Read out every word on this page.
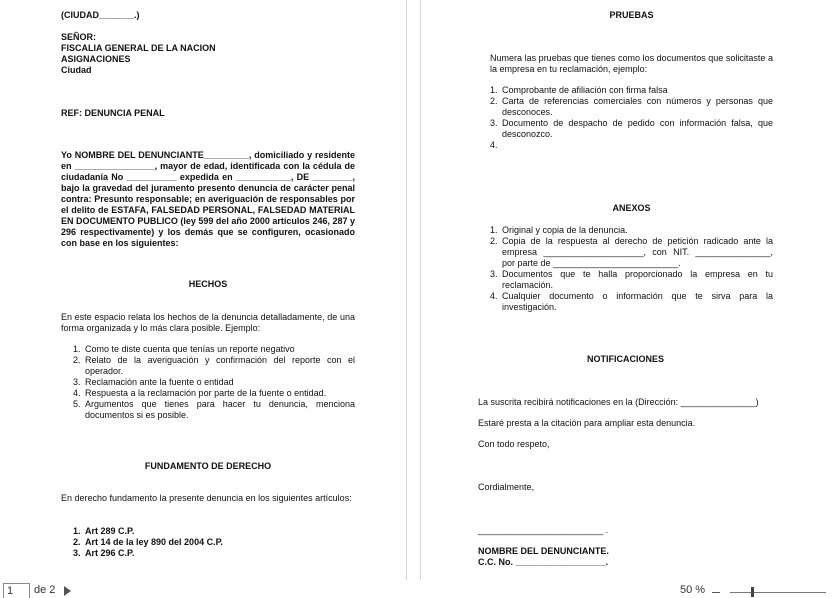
(CIUDAD_______.)
SEÑOR:
FISCALIA GENERAL DE LA NACION
ASIGNACIONES
Ciudad
REF: DENUNCIA PENAL
Yo NOMBRE DEL DENUNCIANTE_________, domiciliado y residente en ________________, mayor de edad, identificada con la cédula de ciudadanía No __________ expedida en ___________, DE ________, bajo la gravedad del juramento presento denuncia de carácter penal contra: Presunto responsable; en averiguación de responsables por el delito de ESTAFA, FALSEDAD PERSONAL, FALSEDAD MATERIAL EN DOCUMENTO PUBLICO (ley 599 del año 2000 artículos 246, 287 y 296 respectivamente) y los demás que se configuren, ocasionado con base en los siguientes:
HECHOS
En este espacio relata los hechos de la denuncia detalladamente, de una forma organizada y lo más clara posible. Ejemplo:
1. Como te diste cuenta que tenías un reporte negativo
2. Relato de la averiguación y confirmación del reporte con el operador.
3. Reclamación ante la fuente o entidad
4. Respuesta a la reclamación por parte de la fuente o entidad.
5. Argumentos que tienes para hacer tu denuncia, menciona documentos si es posible.
FUNDAMENTO DE DERECHO
En derecho fundamento la presente denuncia en los siguientes artículos:
1. Art 289 C.P.
2. Art 14 de la ley 890 del 2004 C.P.
3. Art 296 C.P.
PRUEBAS
Numera las pruebas que tienes como los documentos que solicitaste a la empresa en tu reclamación, ejemplo:
1. Comprobante de afiliación con firma falsa
2. Carta de referencias comerciales con números y personas que desconoces.
3. Documento de despacho de pedido con información falsa, que desconozco.
4.
ANEXOS
1. Original y copia de la denuncia.
2. Copia de la respuesta al derecho de petición radicado ante la empresa ____________________, con NIT. _______________, por parte de _________________________.
3. Documentos que te halla proporcionado la empresa en tu reclamación.
4. Cualquier documento o información que te sirva para la investigación.
NOTIFICACIONES
La suscrita recibirá notificaciones en la (Dirección: _______________)
Estaré presta a la citación para ampliar esta denuncia.
Con todo respeto,
Cordialmente,
_________________________ .
NOMBRE DEL DENUNCIANTE.
C.C. No. __________________.
1	de 2	50 %
